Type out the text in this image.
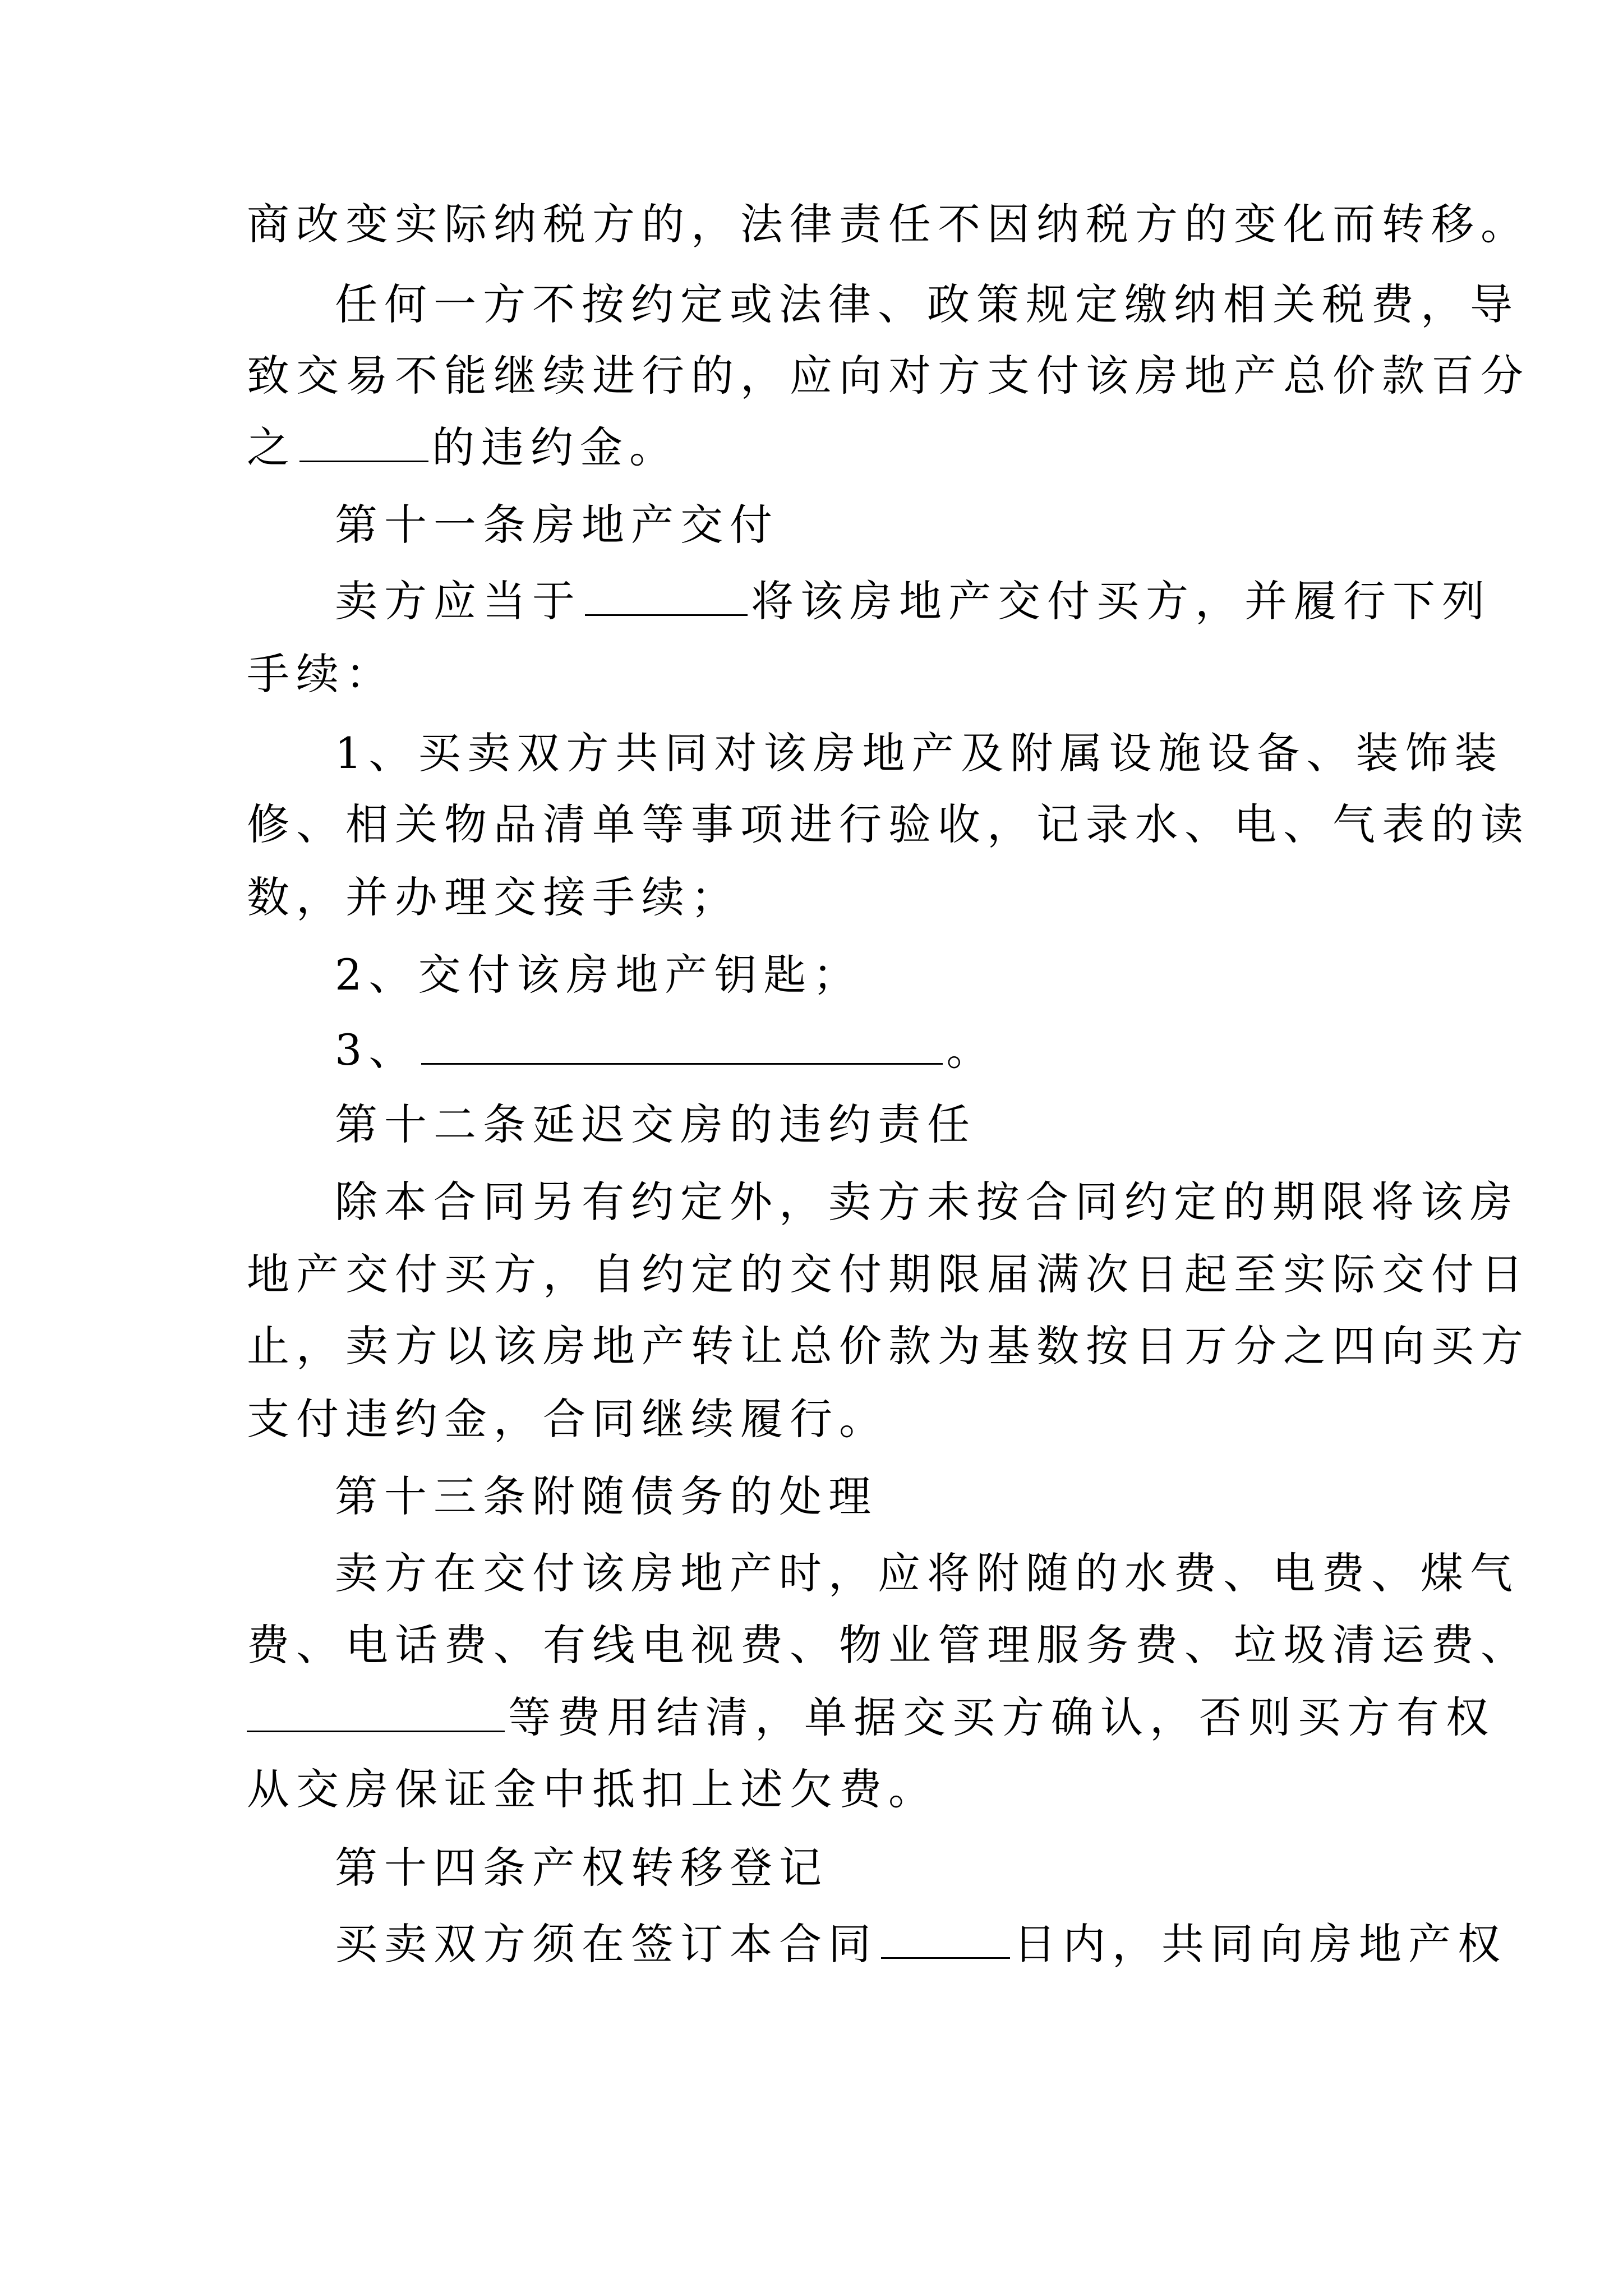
商改变实际纳税方的，法律责任不因纳税方的变化而转移。

任何一方不按约定或法律、政策规定缴纳相关税费，导

致交易不能继续进行的，应向对方支付该房地产总价款百分

之	的违约金。

第十一条房地产交付

卖方应当于	将该房地产交付买方，并履行下列

手续：

1、买卖双方共同对该房地产及附属设施设备、装饰装

修、相关物品清单等事项进行验收，记录水、电、气表的读

数，并办理交接手续；

2、交付该房地产钥匙；

3、	。

第十二条延迟交房的违约责任

除本合同另有约定外，卖方未按合同约定的期限将该房

地产交付买方，自约定的交付期限届满次日起至实际交付日

止，卖方以该房地产转让总价款为基数按日万分之四向买方

支付违约金，合同继续履行。

第十三条附随债务的处理

卖方在交付该房地产时，应将附随的水费、电费、煤气

费、电话费、有线电视费、物业管理服务费、垃圾清运费、

等费用结清，单据交买方确认，否则买方有权

从交房保证金中抵扣上述欠费。

第十四条产权转移登记

买卖双方须在签订本合同	日内，共同向房地产权
